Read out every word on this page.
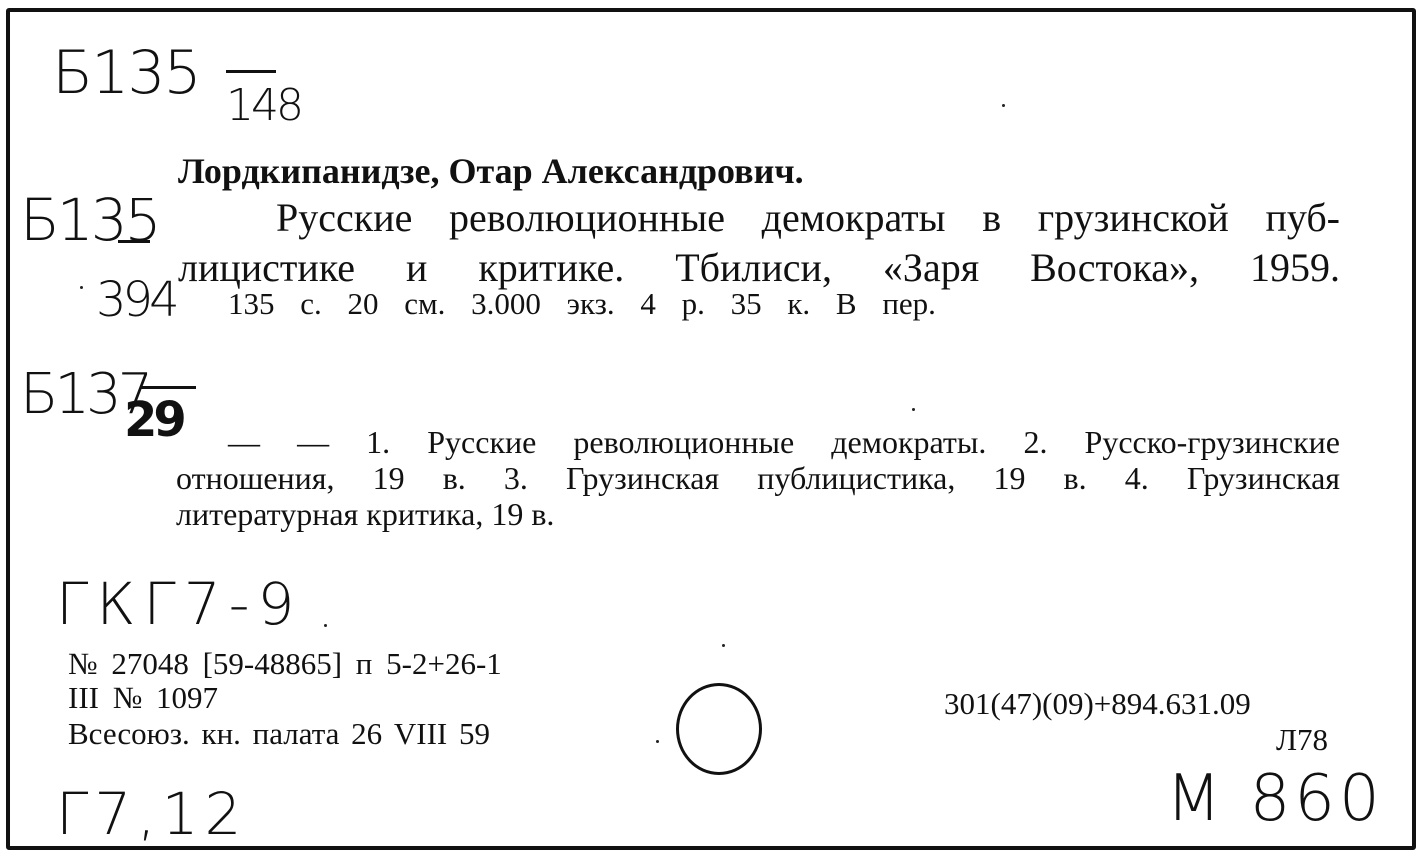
Б135 148
Б135
394
Б137
29
Лордкипанидзе, Отар Александрович.
Русские революционные демократы в грузинской пуб-
лицистике и критике. Тбилиси, «Заря Востока», 1959.
135 с. 20 см. 3.000 экз. 4 р. 35 к. В пер.
— — 1. Русские революционные демократы. 2. Русско-грузинские
отношения, 19 в. 3. Грузинская публицистика, 19 в. 4. Грузинская
литературная критика, 19 в.
ГКГ7-9
Г7,12	М 860
№ 27048 [59-48865] п 5-2+26-1
III № 1097
Всесоюз. кн. палата 26 VIII 59
301(47)(09)+894.631.09
Л78
